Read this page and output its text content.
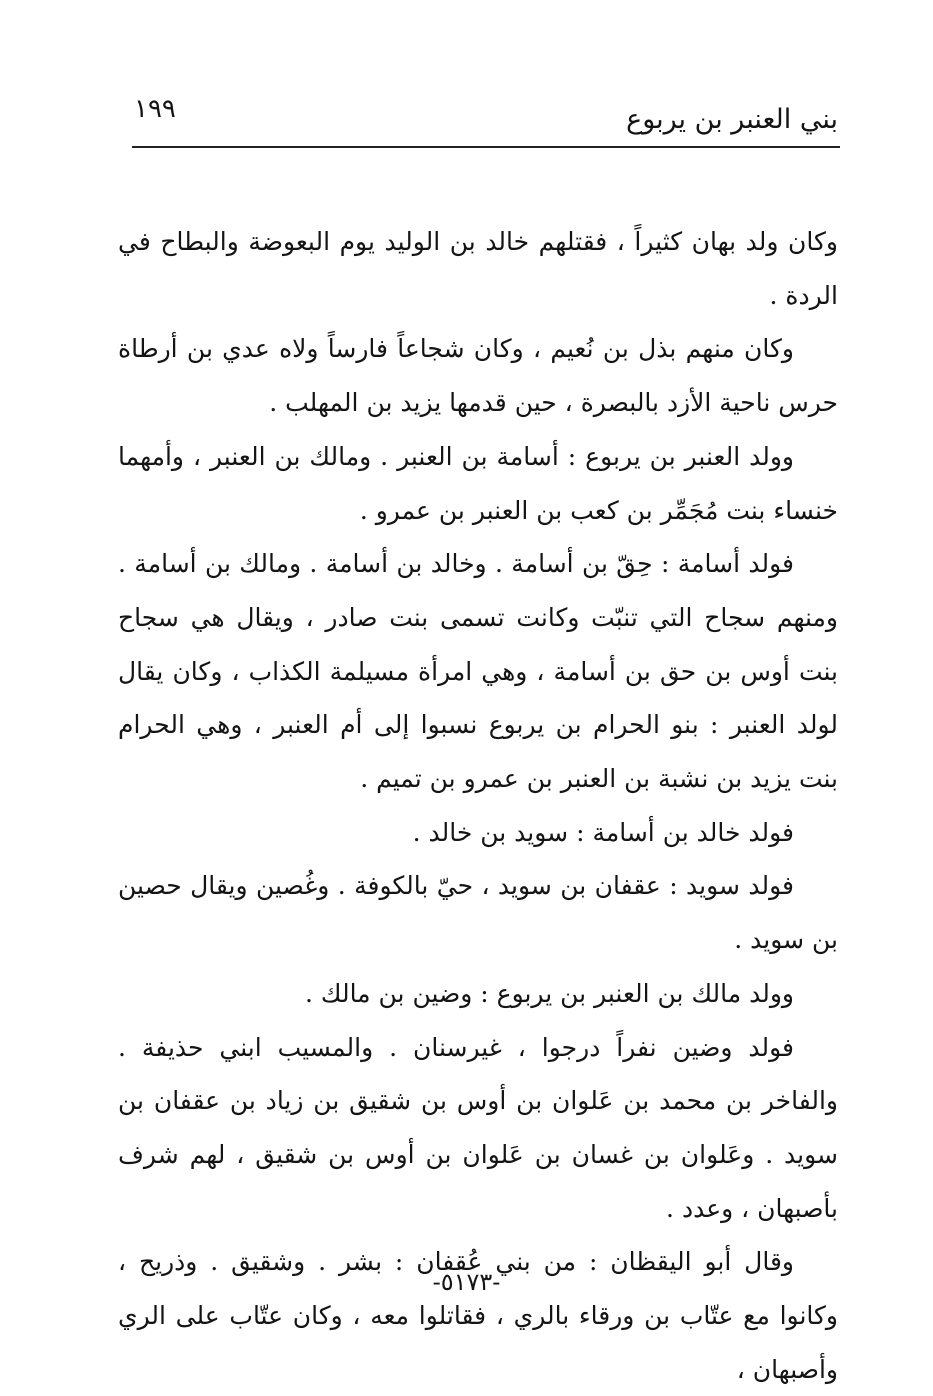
بني العنبر بن يربوع
١٩٩

وكان ولد بهان كثيراً ، فقتلهم خالد بن الوليد يوم البعوضة والبطاح في الردة .

وكان منهم بذل بن نُعيم ، وكان شجاعاً فارساً ولاه عدي بن أرطاة حرس ناحية الأزد بالبصرة ، حين قدمها يزيد بن المهلب .

وولد العنبر بن يربوع : أسامة بن العنبر . ومالك بن العنبر ، وأمهما خنساء بنت مُجَمِّر بن كعب بن العنبر بن عمرو .

فولد أسامة : حِقّ بن أسامة . وخالد بن أسامة . ومالك بن أسامة . ومنهم سجاح التي تنبّت وكانت تسمى بنت صادر ، ويقال هي سجاح بنت أوس بن حق بن أسامة ، وهي امرأة مسيلمة الكذاب ، وكان يقال لولد العنبر : بنو الحرام بن يربوع نسبوا إلى أم العنبر ، وهي الحرام بنت يزيد بن نشبة بن العنبر بن عمرو بن تميم .

فولد خالد بن أسامة : سويد بن خالد .

فولد سويد : عقفان بن سويد ، حيّ بالكوفة . وغُصين ويقال حصين بن سويد .

وولد مالك بن العنبر بن يربوع : وضين بن مالك .

فولد وضين نفراً درجوا ، غيرسنان . والمسيب ابني حذيفة . والفاخر بن محمد بن عَلوان بن أوس بن شقيق بن زياد بن عقفان بن سويد . وعَلوان بن غسان بن عَلوان بن أوس بن شقيق ، لهم شرف بأصبهان ، وعدد .

وقال أبو اليقظان : من بني عُقفان : بشر . وشقيق . وذريح ، وكانوا مع عتّاب بن ورقاء بالري ، فقاتلوا معه ، وكان عتّاب على الري وأصبهان ،

-٥١٧٣-
